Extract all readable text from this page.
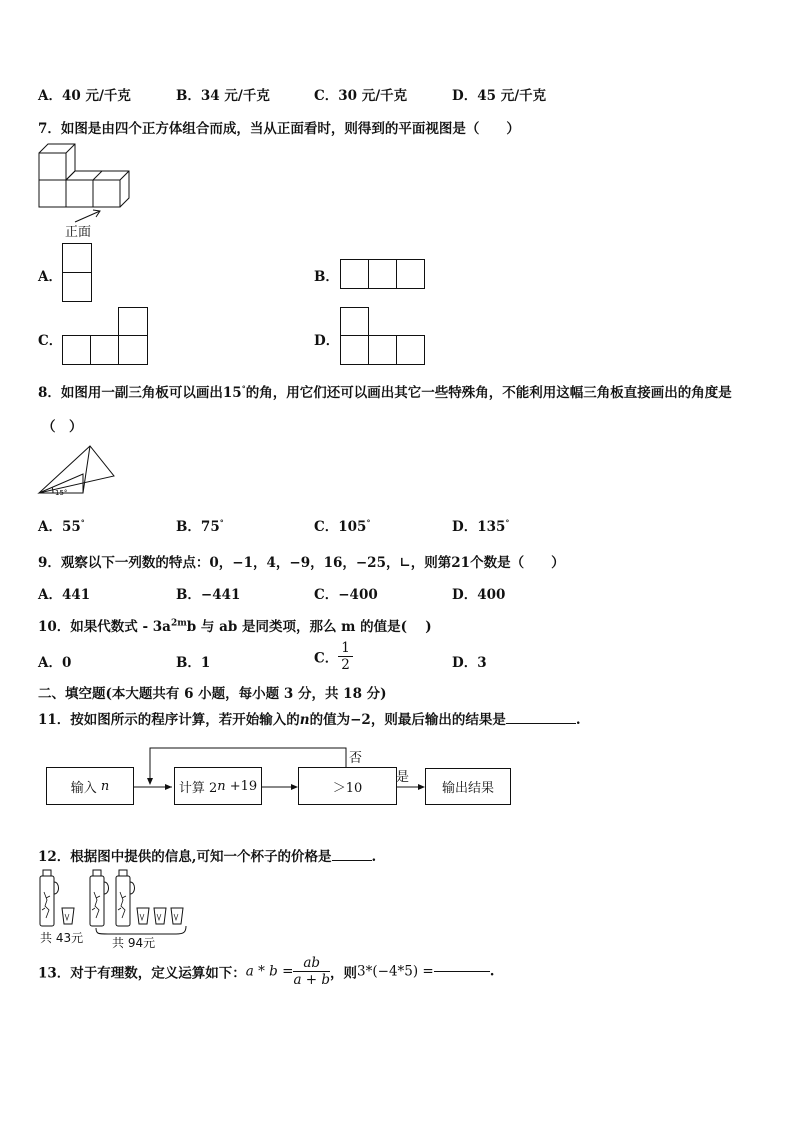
A．40 元/千克	B．34 元/千克	C．30 元/千克	D．45 元/千克
7．如图是由四个正方体组合而成，当从正面看时，则得到的平面视图是（　　）
正面
A．	B．
C．	D．
8．如图用一副三角板可以画出15°的角，用它们还可以画出其它一些特殊角，不能利用这幅三角板直接画出的角度是
（　）
15°
A．55°	B．75°	C．105°	D．135°
9．观察以下一列数的特点：0，−1，4，−9，16，−25，∟，则第21个数是（　　）
A．441	B．−441	C．−400	D．400
10．如果代数式 - $3a^{2m}b$ 与 ab 是同类项，那么 m 的值是(　 )
A．0	B．1	C． $\frac{1}{2}$	D．3
二、填空题(本大题共有 6 小题，每小题 3 分，共 18 分)
11．按如图所示的程序计算，若开始输入的n的值为−2，则最后输出的结果是	.
输入
n	计算 2 n +19	＞10	输出结果
否
是
12．根据图中提供的信息,可知一个杯子的价格是	.
共 43元 共 94元
13．对于有理数，定义运算如下：$a * b = \frac{ab}{a + b}$ ，则3*(−4*5) =	.
